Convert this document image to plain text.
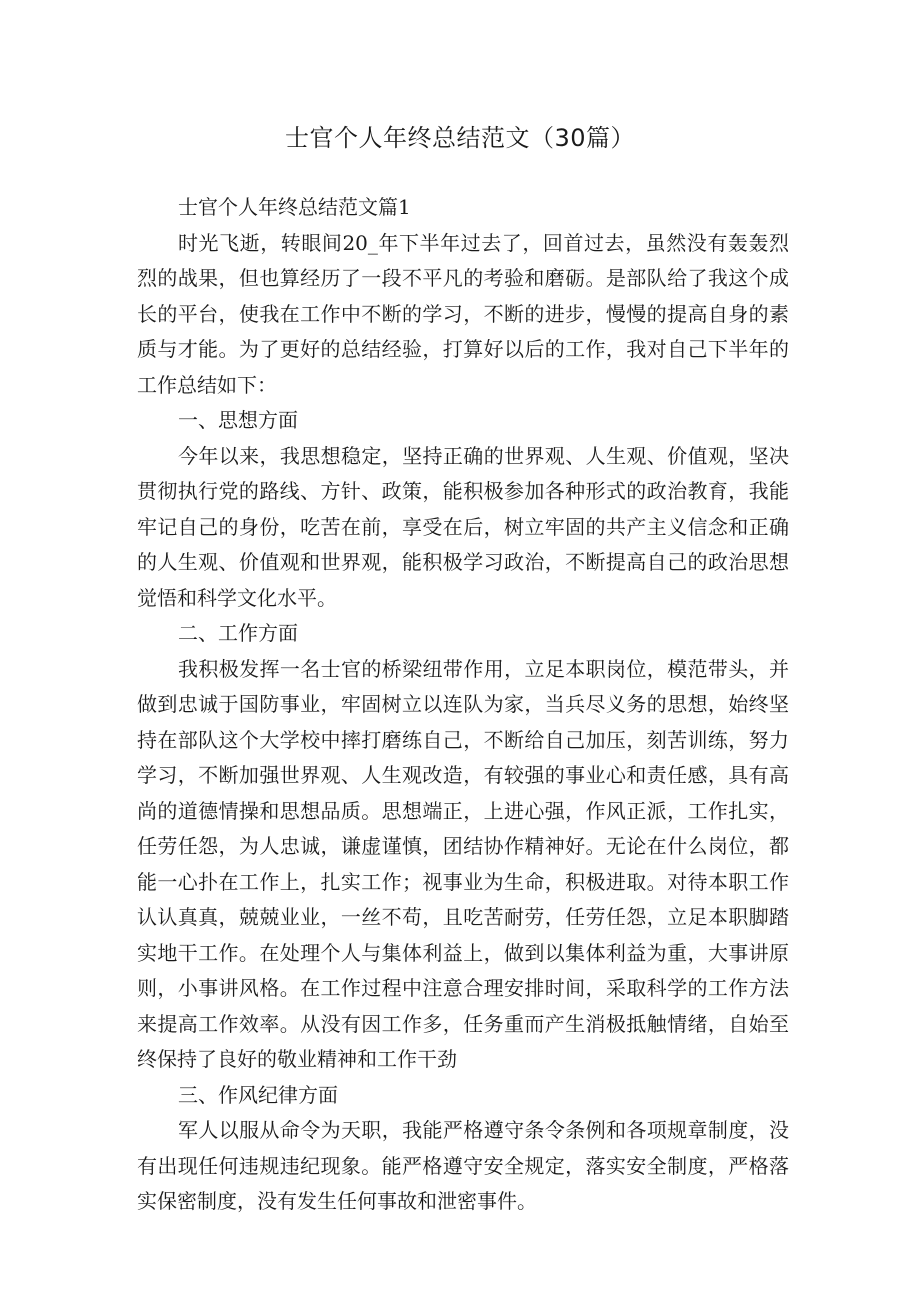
士官个人年终总结范文（30篇）

士官个人年终总结范文篇1

时光飞逝，转眼间20_年下半年过去了，回首过去，虽然没有轰轰烈烈的战果，但也算经历了一段不平凡的考验和磨砺。是部队给了我这个成长的平台，使我在工作中不断的学习，不断的进步，慢慢的提高自身的素质与才能。为了更好的总结经验，打算好以后的工作，我对自己下半年的工作总结如下：

一、思想方面

今年以来，我思想稳定，坚持正确的世界观、人生观、价值观，坚决贯彻执行党的路线、方针、政策，能积极参加各种形式的政治教育，我能牢记自己的身份，吃苦在前，享受在后，树立牢固的共产主义信念和正确的人生观、价值观和世界观，能积极学习政治，不断提高自己的政治思想觉悟和科学文化水平。

二、工作方面

我积极发挥一名士官的桥梁纽带作用，立足本职岗位，模范带头，并做到忠诚于国防事业，牢固树立以连队为家，当兵尽义务的思想，始终坚持在部队这个大学校中摔打磨练自己，不断给自己加压，刻苦训练，努力学习，不断加强世界观、人生观改造，有较强的事业心和责任感，具有高尚的道德情操和思想品质。思想端正，上进心强，作风正派，工作扎实，任劳任怨，为人忠诚，谦虚谨慎，团结协作精神好。无论在什么岗位，都能一心扑在工作上，扎实工作；视事业为生命，积极进取。对待本职工作认认真真，兢兢业业，一丝不苟，且吃苦耐劳，任劳任怨，立足本职脚踏实地干工作。在处理个人与集体利益上，做到以集体利益为重，大事讲原则，小事讲风格。在工作过程中注意合理安排时间，采取科学的工作方法来提高工作效率。从没有因工作多，任务重而产生消极抵触情绪，自始至终保持了良好的敬业精神和工作干劲

三、作风纪律方面

军人以服从命令为天职，我能严格遵守条令条例和各项规章制度，没有出现任何违规违纪现象。能严格遵守安全规定，落实安全制度，严格落实保密制度，没有发生任何事故和泄密事件。
